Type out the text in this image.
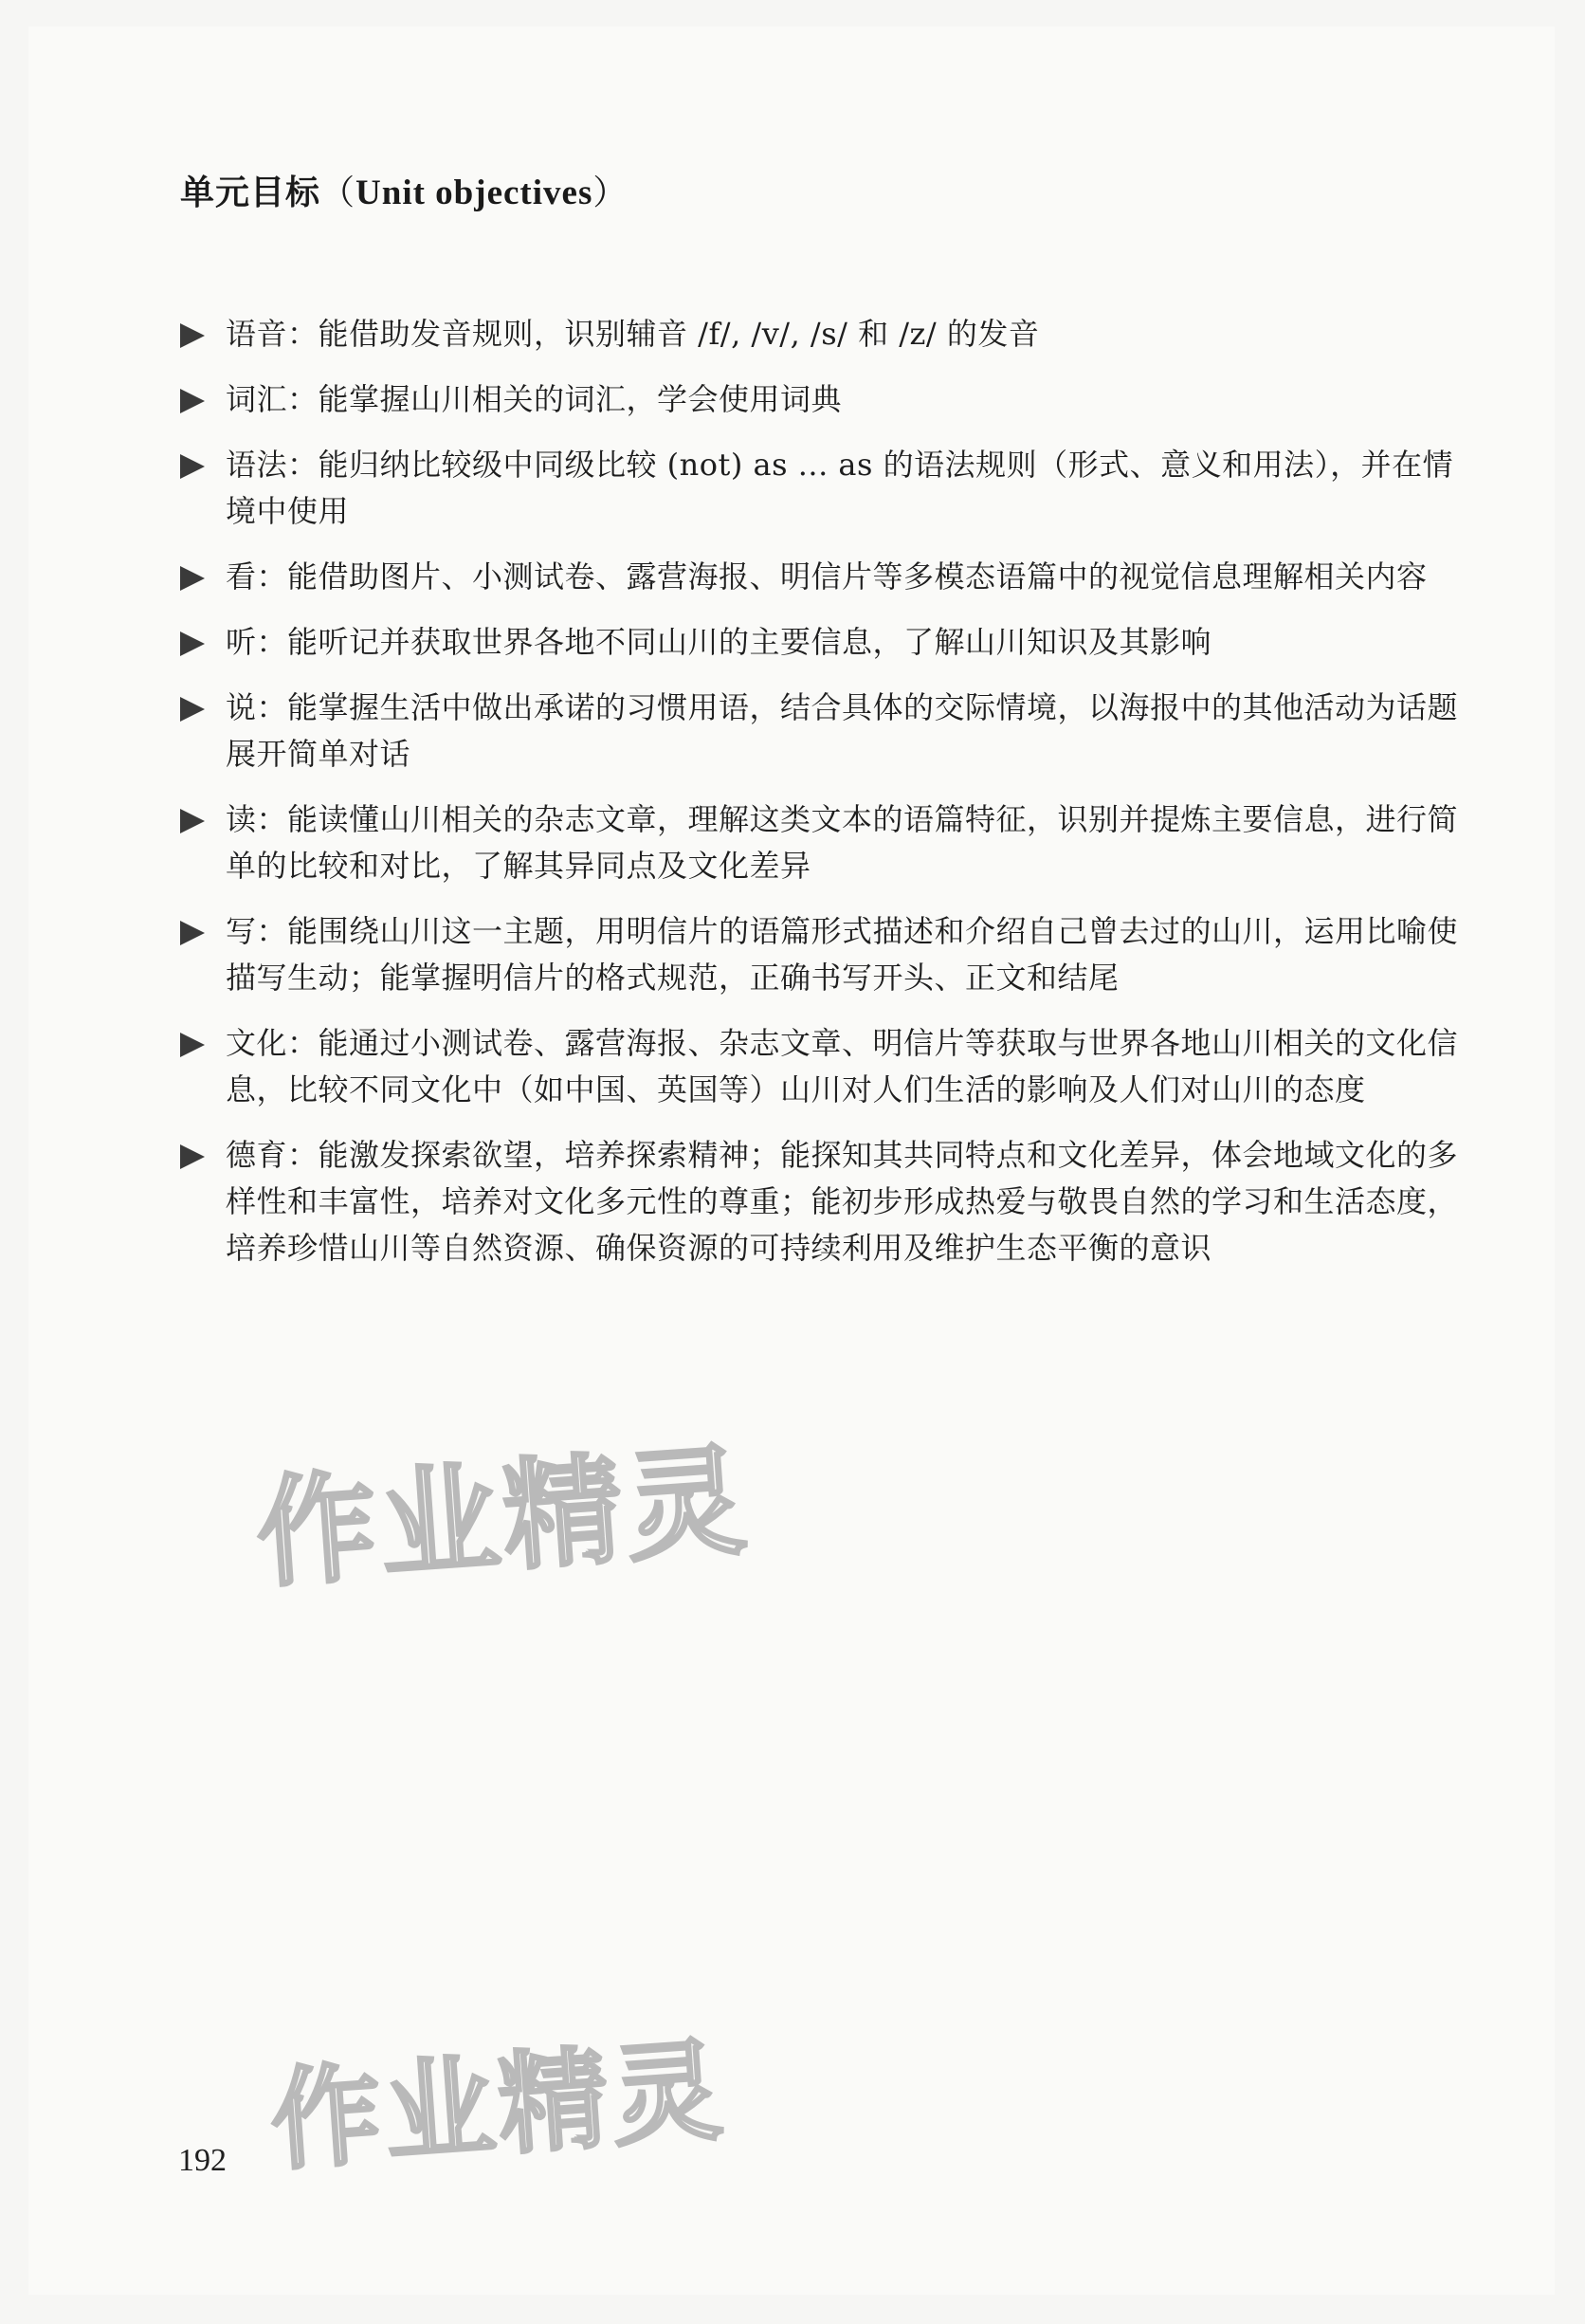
单元目标（Unit objectives）
语音：能借助发音规则，识别辅音 /f/, /v/, /s/ 和 /z/ 的发音
词汇：能掌握山川相关的词汇，学会使用词典
语法：能归纳比较级中同级比较 (not) as ... as 的语法规则（形式、意义和用法），并在情境中使用
看：能借助图片、小测试卷、露营海报、明信片等多模态语篇中的视觉信息理解相关内容
听：能听记并获取世界各地不同山川的主要信息，了解山川知识及其影响
说：能掌握生活中做出承诺的习惯用语，结合具体的交际情境，以海报中的其他活动为话题展开简单对话
读：能读懂山川相关的杂志文章，理解这类文本的语篇特征，识别并提炼主要信息，进行简单的比较和对比，了解其异同点及文化差异
写：能围绕山川这一主题，用明信片的语篇形式描述和介绍自己曾去过的山川，运用比喻使描写生动；能掌握明信片的格式规范，正确书写开头、正文和结尾
文化：能通过小测试卷、露营海报、杂志文章、明信片等获取与世界各地山川相关的文化信息，比较不同文化中（如中国、英国等）山川对人们生活的影响及人们对山川的态度
德育：能激发探索欲望，培养探索精神；能探知其共同特点和文化差异，体会地域文化的多样性和丰富性，培养对文化多元性的尊重；能初步形成热爱与敬畏自然的学习和生活态度，培养珍惜山川等自然资源、确保资源的可持续利用及维护生态平衡的意识
作业精灵
作业精灵
192
